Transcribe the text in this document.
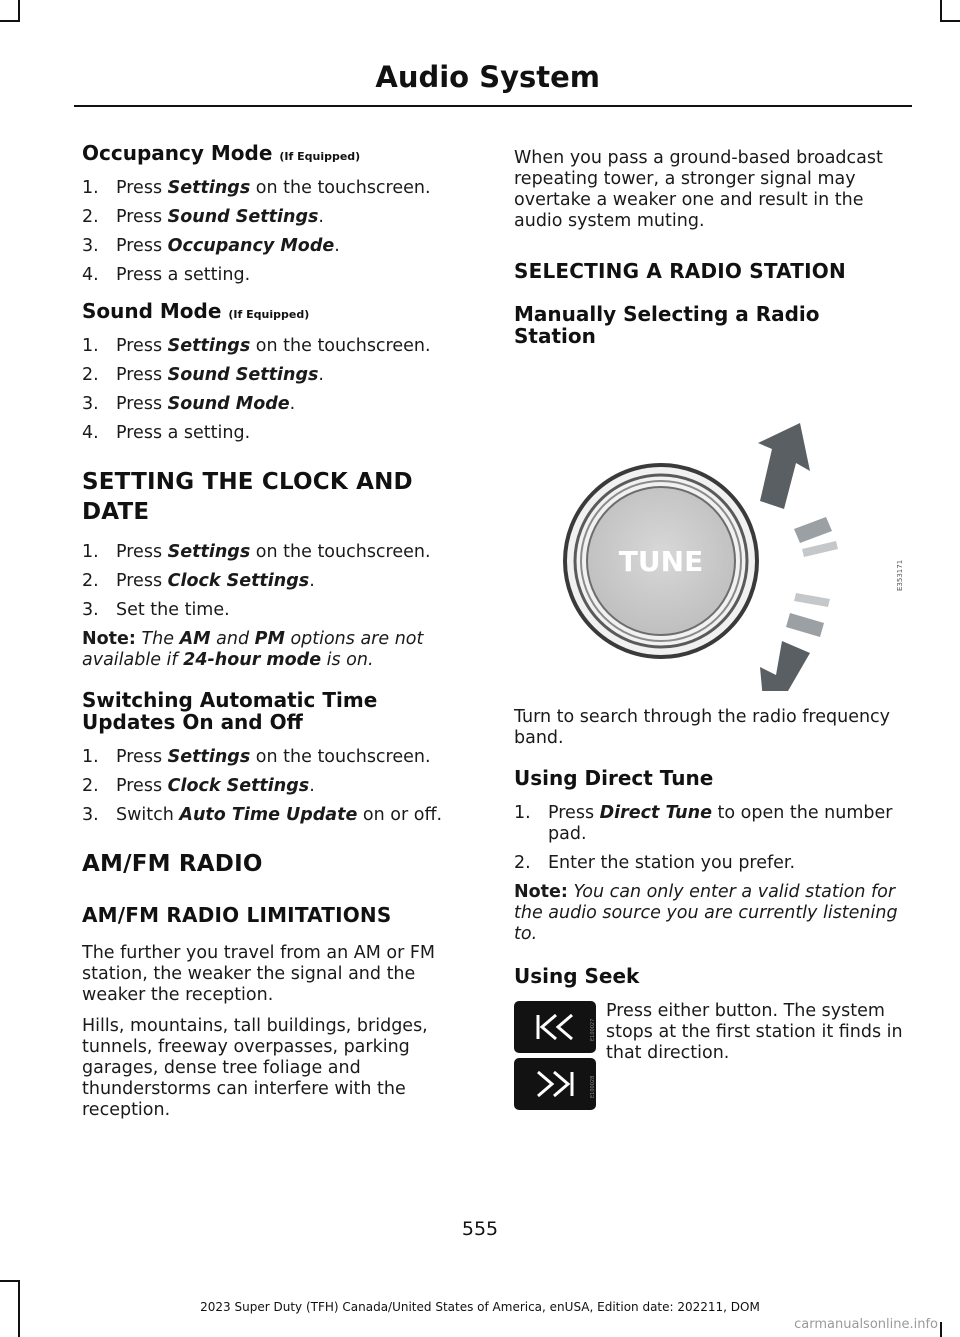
Audio System
Occupancy Mode (If Equipped)
1. Press Settings on the touchscreen.
2. Press Sound Settings.
3. Press Occupancy Mode.
4. Press a setting.
Sound Mode (If Equipped)
1. Press Settings on the touchscreen.
2. Press Sound Settings.
3. Press Sound Mode.
4. Press a setting.
SETTING THE CLOCK AND
DATE
1. Press Settings on the touchscreen.
2. Press Clock Settings.
3. Set the time.

Note: The AM and PM options are not available if 24-hour mode is on.

Switching Automatic Time Updates On and Off
1. Press Settings on the touchscreen.
2. Press Clock Settings.
3. Switch Auto Time Update on or off.
AM/FM RADIO
AM/FM RADIO LIMITATIONS

The further you travel from an AM or FM station, the weaker the signal and the weaker the reception.

Hills, mountains, tall buildings, bridges, tunnels, freeway overpasses, parking garages, dense tree foliage and thunderstorms can interfere with the reception.

When you pass a ground-based broadcast repeating tower, a stronger signal may overtake a weaker one and result in the audio system muting.

SELECTING A RADIO STATION
Manually Selecting a Radio Station
TUNE	E353171

Turn to search through the radio frequency band.

Using Direct Tune
1. Press Direct Tune to open the number pad.
2. Enter the station you prefer.

Note: You can only enter a valid station for the audio source you are currently listening to.

Using Seek
E100027
E100028

Press either button. The system stops at the first station it finds in that direction.

555
2023 Super Duty (TFH) Canada/United States of America, enUSA, Edition date: 202211, DOM
carmanualsonline.info
